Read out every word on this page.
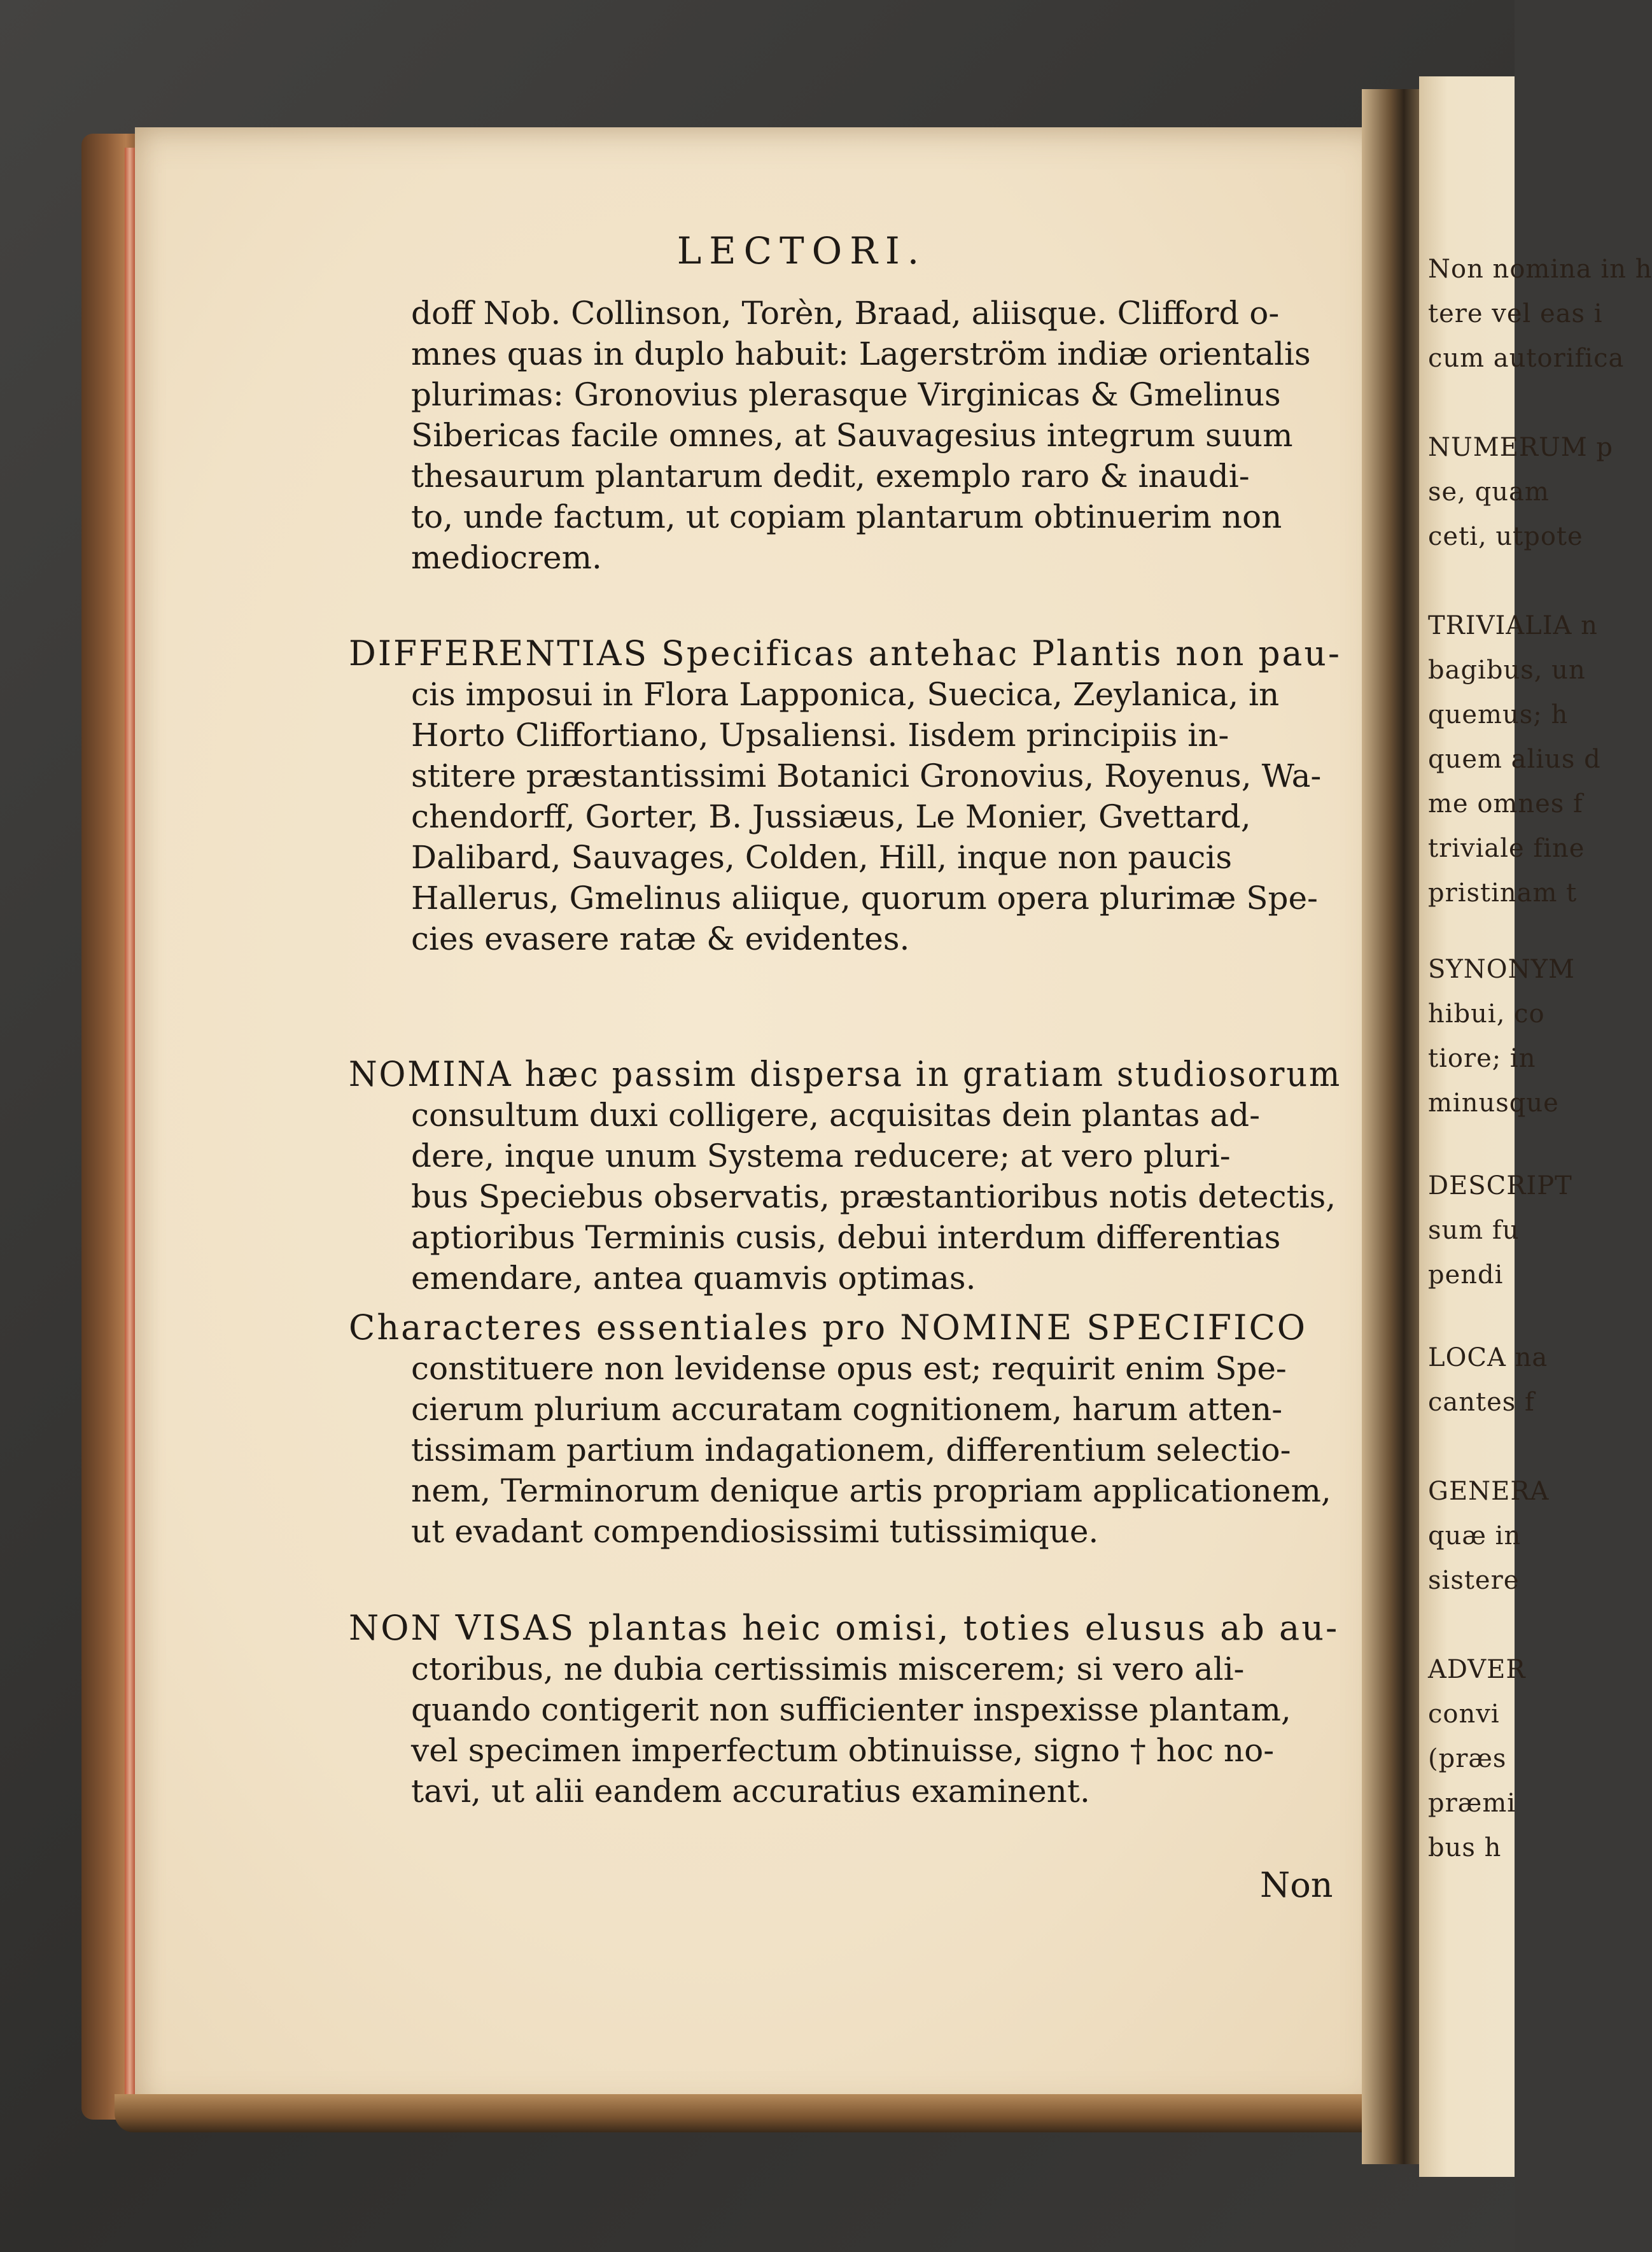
Non nomina in h
tere vel eas i
cum autorifica
NUMERUM p
se, quam
ceti, utpote
TRIVIALIA n
bagibus, un
quemus; h
quem alius d
me omnes f
triviale fine
pristinam t
SYNONYM
hibui, co
tiore; in
minusque
DESCRIPT
sum fu
pendi
LOCA na
cantes f
GENERA
quæ in
sistere
ADVER
convi
(præs
præmi
bus h
LECTORI.
doff Nob. Collinson, Torèn, Braad, aliisque. Clifford o-
mnes quas in duplo habuit: Lagerström indiæ orientalis
plurimas: Gronovius plerasque Virginicas & Gmelinus
Sibericas facile omnes, at Sauvagesius integrum suum
thesaurum plantarum dedit, exemplo raro & inaudi-
to, unde factum, ut copiam plantarum obtinuerim non
mediocrem.
DIFFERENTIAS Specificas antehac Plantis non pau-
cis imposui in Flora Lapponica, Suecica, Zeylanica, in
Horto Cliffortiano, Upsaliensi. Iisdem principiis in-
stitere præstantissimi Botanici Gronovius, Royenus, Wa-
chendorff, Gorter, B. Jussiæus, Le Monier, Gvettard,
Dalibard, Sauvages, Colden, Hill, inque non paucis
Hallerus, Gmelinus aliique, quorum opera plurimæ Spe-
cies evasere ratæ & evidentes.
NOMINA hæc passim dispersa in gratiam studiosorum
consultum duxi colligere, acquisitas dein plantas ad-
dere, inque unum Systema reducere; at vero pluri-
bus Speciebus observatis, præstantioribus notis detectis,
aptioribus Terminis cusis, debui interdum differentias
emendare, antea quamvis optimas.
Characteres essentiales pro NOMINE SPECIFICO
constituere non levidense opus est; requirit enim Spe-
cierum plurium accuratam cognitionem, harum atten-
tissimam partium indagationem, differentium selectio-
nem, Terminorum denique artis propriam applicationem,
ut evadant compendiosissimi tutissimique.
NON VISAS plantas heic omisi, toties elusus ab au-
ctoribus, ne dubia certissimis miscerem; si vero ali-
quando contigerit non sufficienter inspexisse plantam,
vel specimen imperfectum obtinuisse, signo † hoc no-
tavi, ut alii eandem accuratius examinent.
Non
